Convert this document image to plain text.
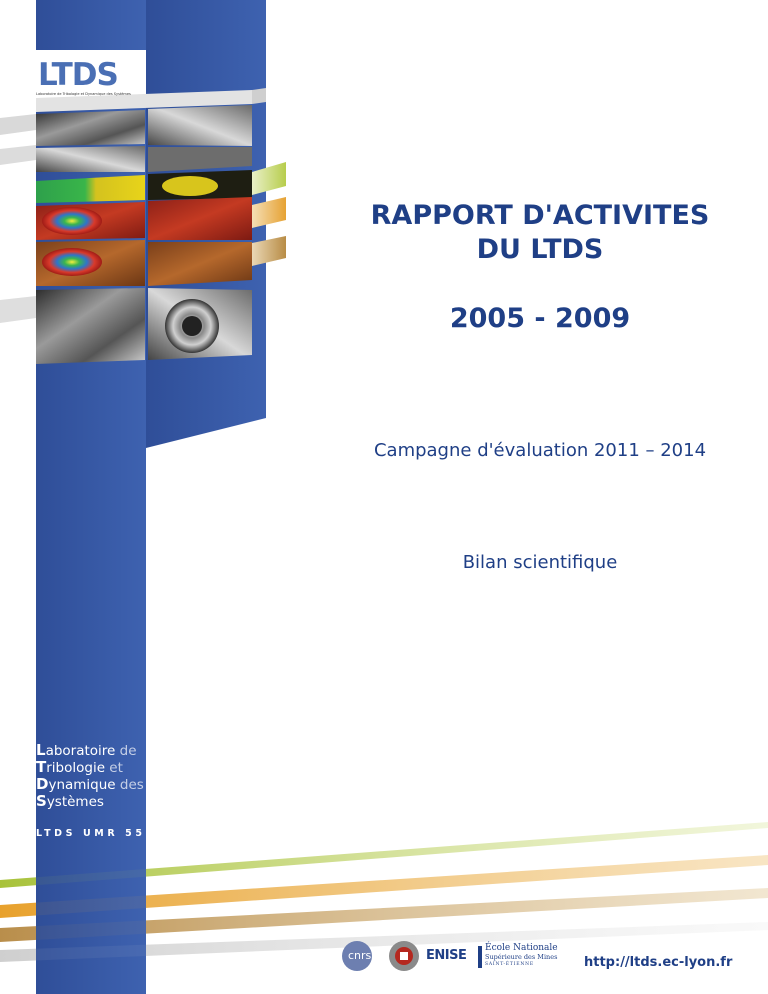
LTDS
Laboratoire de Tribologie et Dynamique des Systèmes
RAPPORT D'ACTIVITES
DU LTDS
2005 - 2009
Campagne d'évaluation 2011 – 2014
Bilan scientifique
Laboratoire de
Tribologie et
Dynamique des
Systèmes
LTDS UMR 5513
cnrs	ENISE École Nationale
Supérieure des Mines
SAINT-ÉTIENNE	http://ltds.ec-lyon.fr
